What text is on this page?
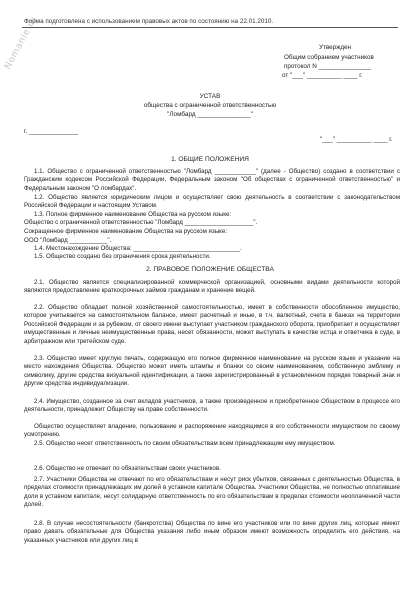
Nomanie.ru
Форма подготовлена с использованием правовых актов по состоянию на 22.01.2010.
Утвержден
Общим собранием участников
протокол N _______________
от "___" __________ ____ г.
УСТАВ
общества с ограниченной ответственностью
"Ломбард _______________"
г. ______________
"___" __________ ____ г.
1. ОБЩИЕ ПОЛОЖЕНИЯ

1.1. Общество с ограниченной ответственностью "Ломбард ____________" (далее - Общество) создано в соответствии с Гражданским кодексом Российской Федерации, Федеральным законом "Об обществах с ограниченной ответственностью" и Федеральным законом "О ломбардах".

1.2. Общество является юридическим лицом и осуществляет свою деятельность в соответствии с законодательством Российской Федерации и настоящим Уставом.

1.3. Полное фирменное наименование Общества на русском языке:
Общество с ограниченной ответственностью "Ломбард ____________________".
Сокращенное фирменное наименование Общества на русском языке:
ООО "Ломбард ___________".
1.4. Местонахождение Общества: _______________________________.
1.5. Общество создано без ограничения срока деятельности.
2. ПРАВОВОЕ ПОЛОЖЕНИЕ ОБЩЕСТВА

2.1. Общество является специализированной коммерческой организацией, основными видами деятельности которой являются предоставление краткосрочных займов гражданам и хранение вещей.

2.2. Общество обладает полной хозяйственной самостоятельностью, имеет в собственности обособленное имущество, которое учитывается на самостоятельном балансе, имеет расчетный и иные, в т.ч. валютный, счета в банках на территории Российской Федерации и за рубежом, от своего имени выступает участником гражданского оборота, приобретает и осуществляет имущественные и личные неимущественные права, несет обязанности, может выступать в качестве истца и ответчика в суде, в арбитражном или третейском суде.

2.3. Общество имеет круглую печать, содержащую его полное фирменное наименование на русском языке и указание на место нахождения Общества. Общество может иметь штампы и бланки со своим наименованием, собственную эмблему и символику, другие средства визуальной идентификации, а также зарегистрированный в установленном порядке товарный знак и другие средства индивидуализации.

2.4. Имущество, созданное за счет вкладов участников, а также произведенное и приобретенное Обществом в процессе его деятельности, принадлежит Обществу на праве собственности.

Общество осуществляет владение, пользование и распоряжение находящимся в его собственности имуществом по своему усмотрению.

2.5. Общество несет ответственность по своим обязательствам всем принадлежащим ему имуществом.

2.6. Общество не отвечает по обязательствам своих участников.

2.7. Участники Общества не отвечают по его обязательствам и несут риск убытков, связанных с деятельностью Общества, в пределах стоимости принадлежащих им долей в уставном капитале Общества. Участники Общества, не полностью оплатившие доли в уставном капитале, несут солидарную ответственность по его обязательствам в пределах стоимости неоплаченной части долей.

2.8. В случае несостоятельности (банкротства) Общества по вине его участников или по вине других лиц, которые имеют право давать обязательные для Общества указания либо иным образом имеют возможность определять его действия, на указанных участников или других лиц в
